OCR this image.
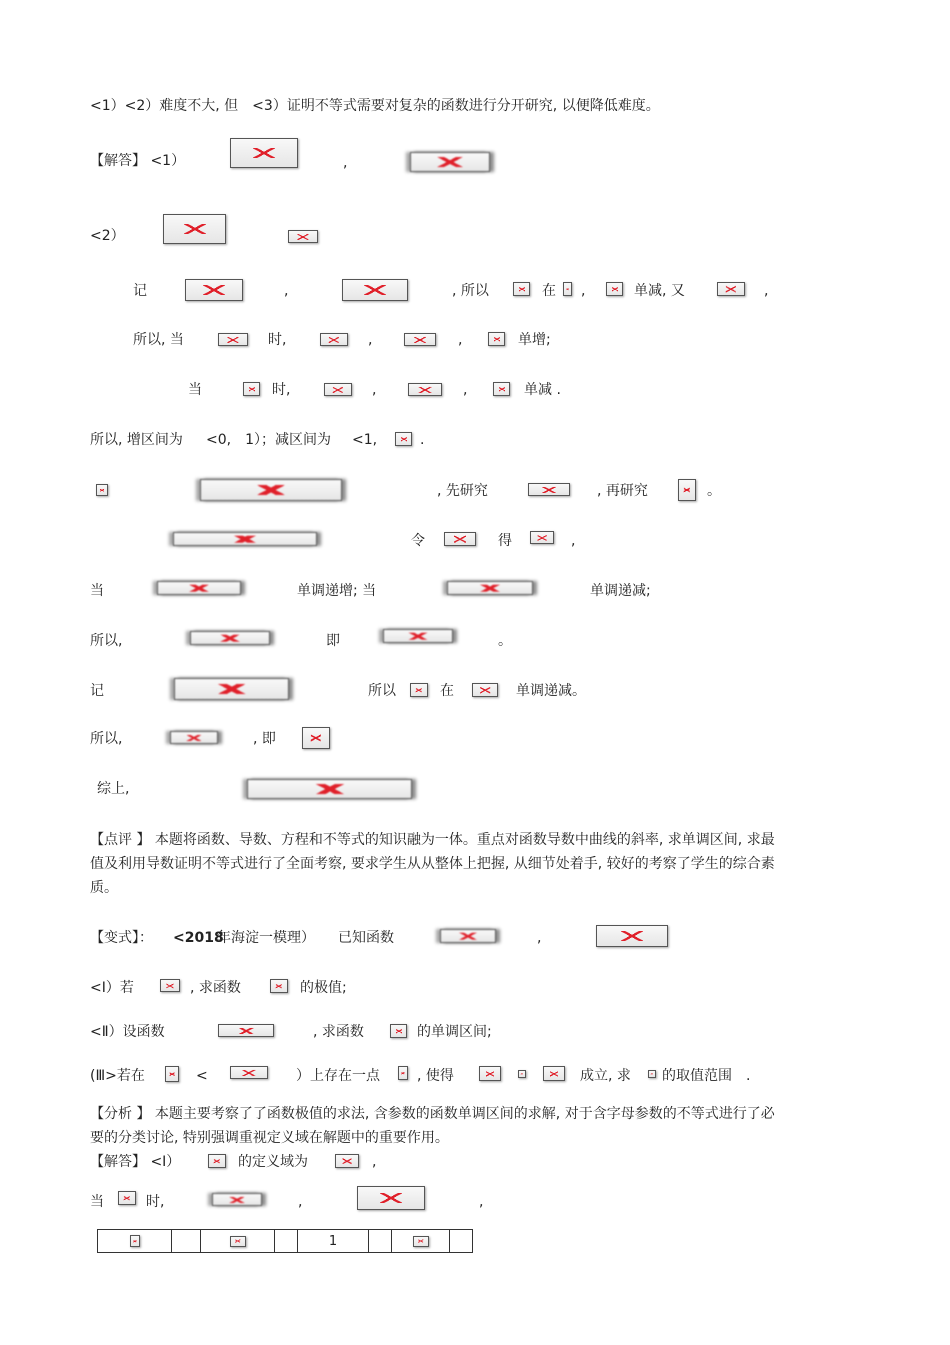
<1）<2）难度不大, 但　<3）证明不等式需要对复杂的函数进行分开研究, 以便降低难度。
【解答】 <1）	,
<2）
记	,	, 所以	在 ,	单减, 又	,
所以, 当	时,	,	,	单增;
当	时,	,	,	单减 .
所以, 增区间为 <0,　1）；减区间为 <1,	.
, 先研究	, 再研究	。
令	得	,
当	单调递增; 当	单调递减;
所以,	即	。
记	所以	在	单调递减。
所以,	, 即
综上,
【点评 】 本题将函数、导数、方程和不等式的知识融为一体。重点对函数导数中曲线的斜率, 求单调区间, 求最值及利用导数证明不等式进行了全面考察, 要求学生从从整体上把握, 从细节处着手, 较好的考察了学生的综合素质。
【变式】： <2018
年海淀一模理） 已知函数	,
<Ⅰ）若	, 求函数	的极值;
<Ⅱ）设函数	, 求函数	的单调区间;
(Ⅲ>若在	<	）上存在一点	, 使得	成立, 求 的取值范围　.
【分析 】 本题主要考察了了函数极值的求法, 含参数的函数单调区间的求解, 对于含字母参数的不等式进行了必要的分类讨论, 特别强调重视定义域在解题中的重要作用。
【解答】 <Ⅰ）	的定义域为	,
当	时,	,	,
				1			
